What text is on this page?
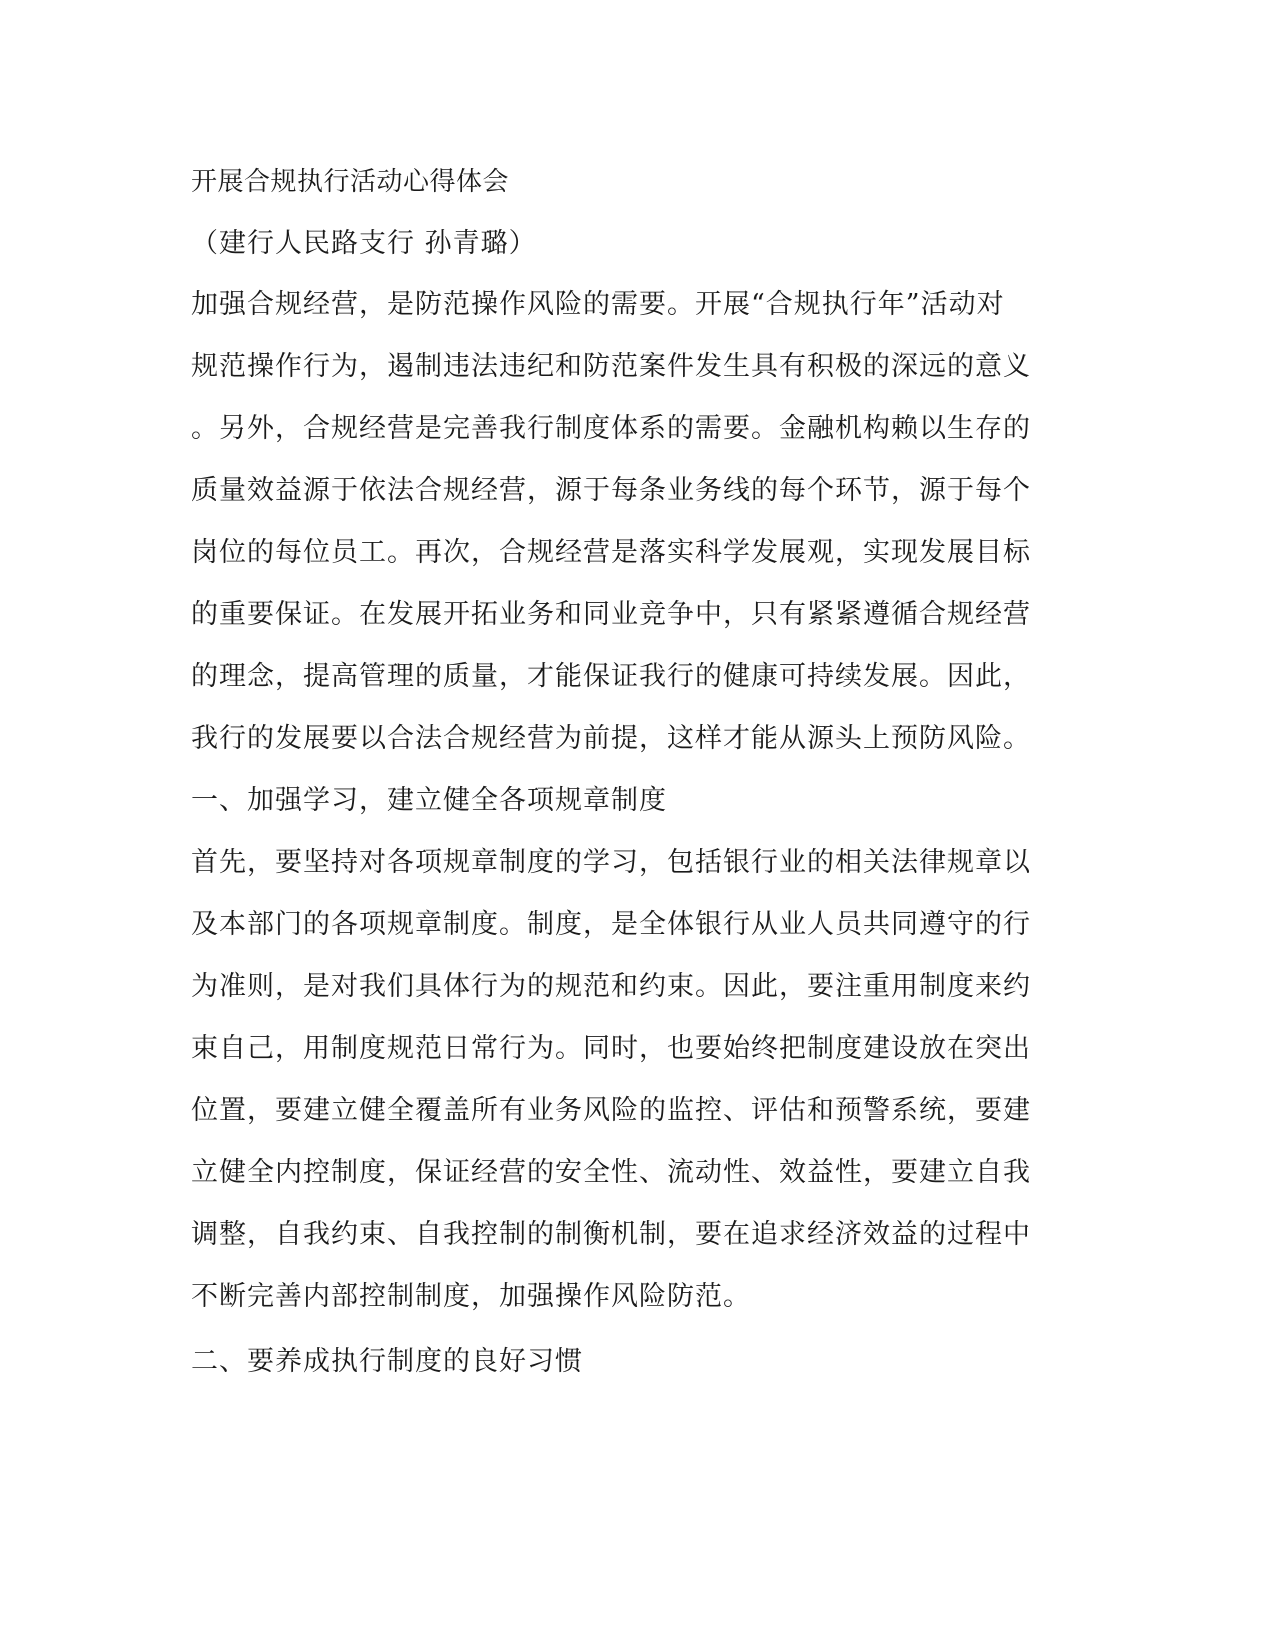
开展合规执行活动心得体会
（建行人民路支行 孙青璐）
加强合规经营，是防范操作风险的需要。开展“合规执行年”活动对
规范操作行为，遏制违法违纪和防范案件发生具有积极的深远的意义
。另外，合规经营是完善我行制度体系的需要。金融机构赖以生存的
质量效益源于依法合规经营，源于每条业务线的每个环节，源于每个
岗位的每位员工。再次，合规经营是落实科学发展观，实现发展目标
的重要保证。在发展开拓业务和同业竞争中，只有紧紧遵循合规经营
的理念，提高管理的质量，才能保证我行的健康可持续发展。因此，
我行的发展要以合法合规经营为前提，这样才能从源头上预防风险。
一、加强学习，建立健全各项规章制度
首先，要坚持对各项规章制度的学习，包括银行业的相关法律规章以
及本部门的各项规章制度。制度，是全体银行从业人员共同遵守的行
为准则，是对我们具体行为的规范和约束。因此，要注重用制度来约
束自己，用制度规范日常行为。同时，也要始终把制度建设放在突出
位置，要建立健全覆盖所有业务风险的监控、评估和预警系统，要建
立健全内控制度，保证经营的安全性、流动性、效益性，要建立自我
调整，自我约束、自我控制的制衡机制，要在追求经济效益的过程中
不断完善内部控制制度，加强操作风险防范。
二、要养成执行制度的良好习惯
